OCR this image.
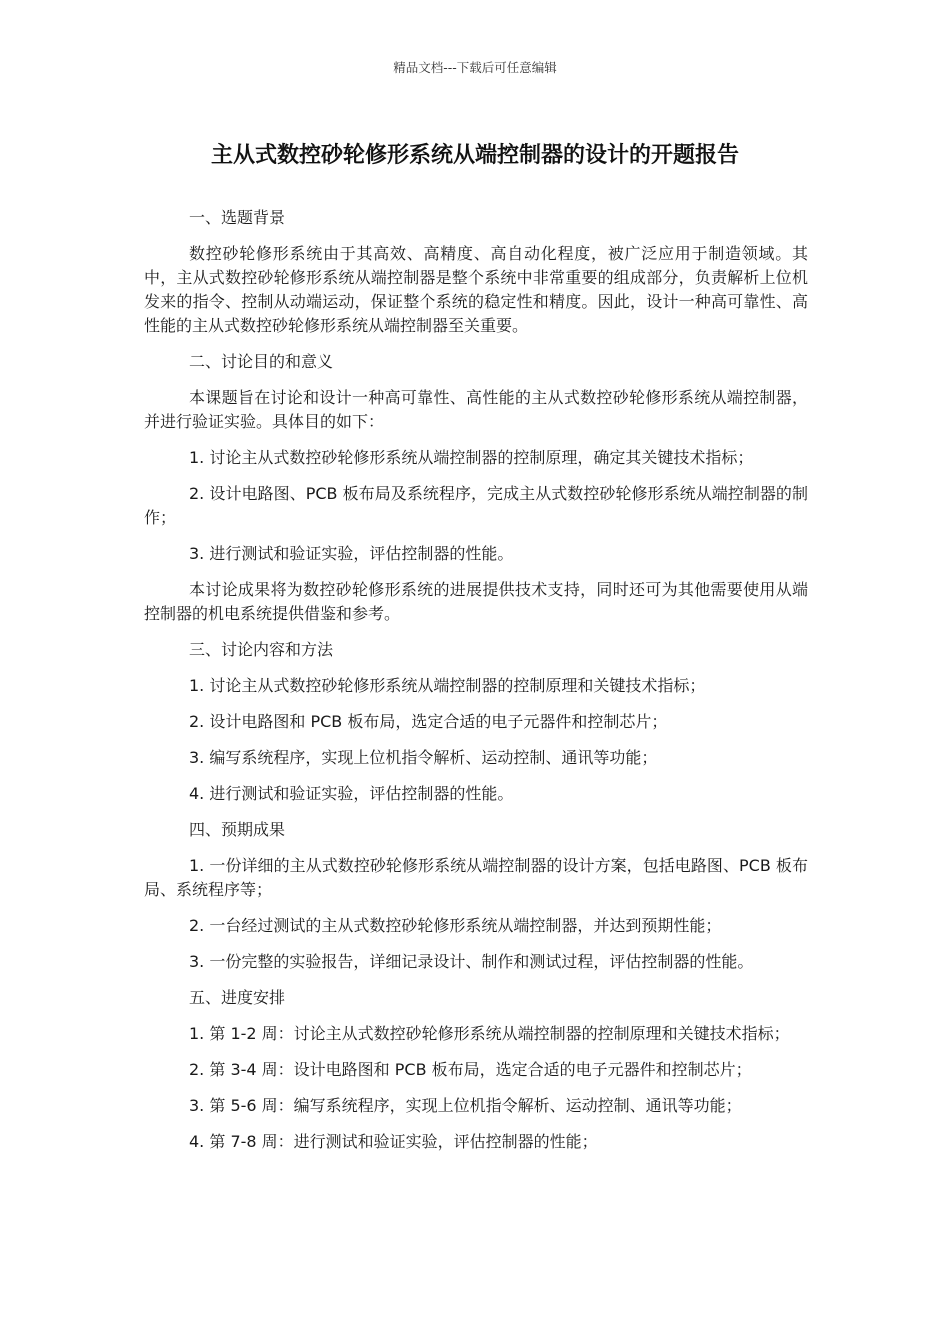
精品文档---下载后可任意编辑
主从式数控砂轮修形系统从端控制器的设计的开题报告

一、选题背景

数控砂轮修形系统由于其高效、高精度、高自动化程度，被广泛应用于制造领域。其中，主从式数控砂轮修形系统从端控制器是整个系统中非常重要的组成部分，负责解析上位机发来的指令、控制从动端运动，保证整个系统的稳定性和精度。因此，设计一种高可靠性、高性能的主从式数控砂轮修形系统从端控制器至关重要。

二、讨论目的和意义

本课题旨在讨论和设计一种高可靠性、高性能的主从式数控砂轮修形系统从端控制器，并进行验证实验。具体目的如下：

1. 讨论主从式数控砂轮修形系统从端控制器的控制原理，确定其关键技术指标；

2. 设计电路图、PCB 板布局及系统程序，完成主从式数控砂轮修形系统从端控制器的制作；

3. 进行测试和验证实验，评估控制器的性能。

本讨论成果将为数控砂轮修形系统的进展提供技术支持，同时还可为其他需要使用从端控制器的机电系统提供借鉴和参考。

三、讨论内容和方法

1. 讨论主从式数控砂轮修形系统从端控制器的控制原理和关键技术指标；

2. 设计电路图和 PCB 板布局，选定合适的电子元器件和控制芯片；

3. 编写系统程序，实现上位机指令解析、运动控制、通讯等功能；

4. 进行测试和验证实验，评估控制器的性能。

四、预期成果

1. 一份详细的主从式数控砂轮修形系统从端控制器的设计方案，包括电路图、PCB 板布局、系统程序等；

2. 一台经过测试的主从式数控砂轮修形系统从端控制器，并达到预期性能；

3. 一份完整的实验报告，详细记录设计、制作和测试过程，评估控制器的性能。

五、进度安排

1. 第 1-2 周：讨论主从式数控砂轮修形系统从端控制器的控制原理和关键技术指标；

2. 第 3-4 周：设计电路图和 PCB 板布局，选定合适的电子元器件和控制芯片；

3. 第 5-6 周：编写系统程序，实现上位机指令解析、运动控制、通讯等功能；

4. 第 7-8 周：进行测试和验证实验，评估控制器的性能；
